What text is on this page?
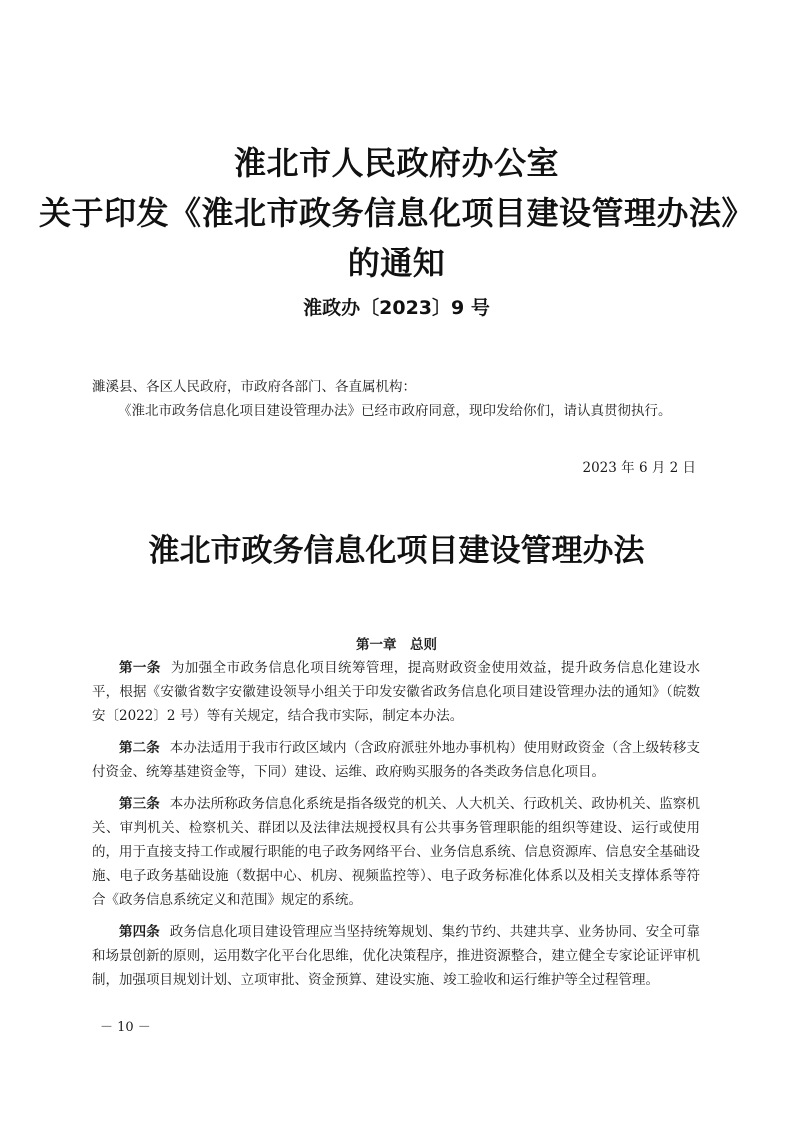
淮北市人民政府办公室
关于印发《淮北市政务信息化项目建设管理办法》
的通知
淮政办〔2023〕9 号
濉溪县、各区人民政府，市政府各部门、各直属机构：
《淮北市政务信息化项目建设管理办法》已经市政府同意，现印发给你们，请认真贯彻执行。
2023 年 6 月 2 日
淮北市政务信息化项目建设管理办法
第一章　总则

第一条 为加强全市政务信息化项目统筹管理，提高财政资金使用效益，提升政务信息化建设水平，根据《安徽省数字安徽建设领导小组关于印发安徽省政务信息化项目建设管理办法的通知》（皖数安〔2022〕2 号）等有关规定，结合我市实际，制定本办法。

第二条 本办法适用于我市行政区域内（含政府派驻外地办事机构）使用财政资金（含上级转移支付资金、统筹基建资金等，下同）建设、运维、政府购买服务的各类政务信息化项目。

第三条 本办法所称政务信息化系统是指各级党的机关、人大机关、行政机关、政协机关、监察机关、审判机关、检察机关、群团以及法律法规授权具有公共事务管理职能的组织等建设、运行或使用的，用于直接支持工作或履行职能的电子政务网络平台、业务信息系统、信息资源库、信息安全基础设施、电子政务基础设施（数据中心、机房、视频监控等）、电子政务标准化体系以及相关支撑体系等符合《政务信息系统定义和范围》规定的系统。

第四条 政务信息化项目建设管理应当坚持统筹规划、集约节约、共建共享、业务协同、安全可靠和场景创新的原则，运用数字化平台化思维，优化决策程序，推进资源整合，建立健全专家论证评审机制，加强项目规划计划、立项审批、资金预算、建设实施、竣工验收和运行维护等全过程管理。

－ 10 －
